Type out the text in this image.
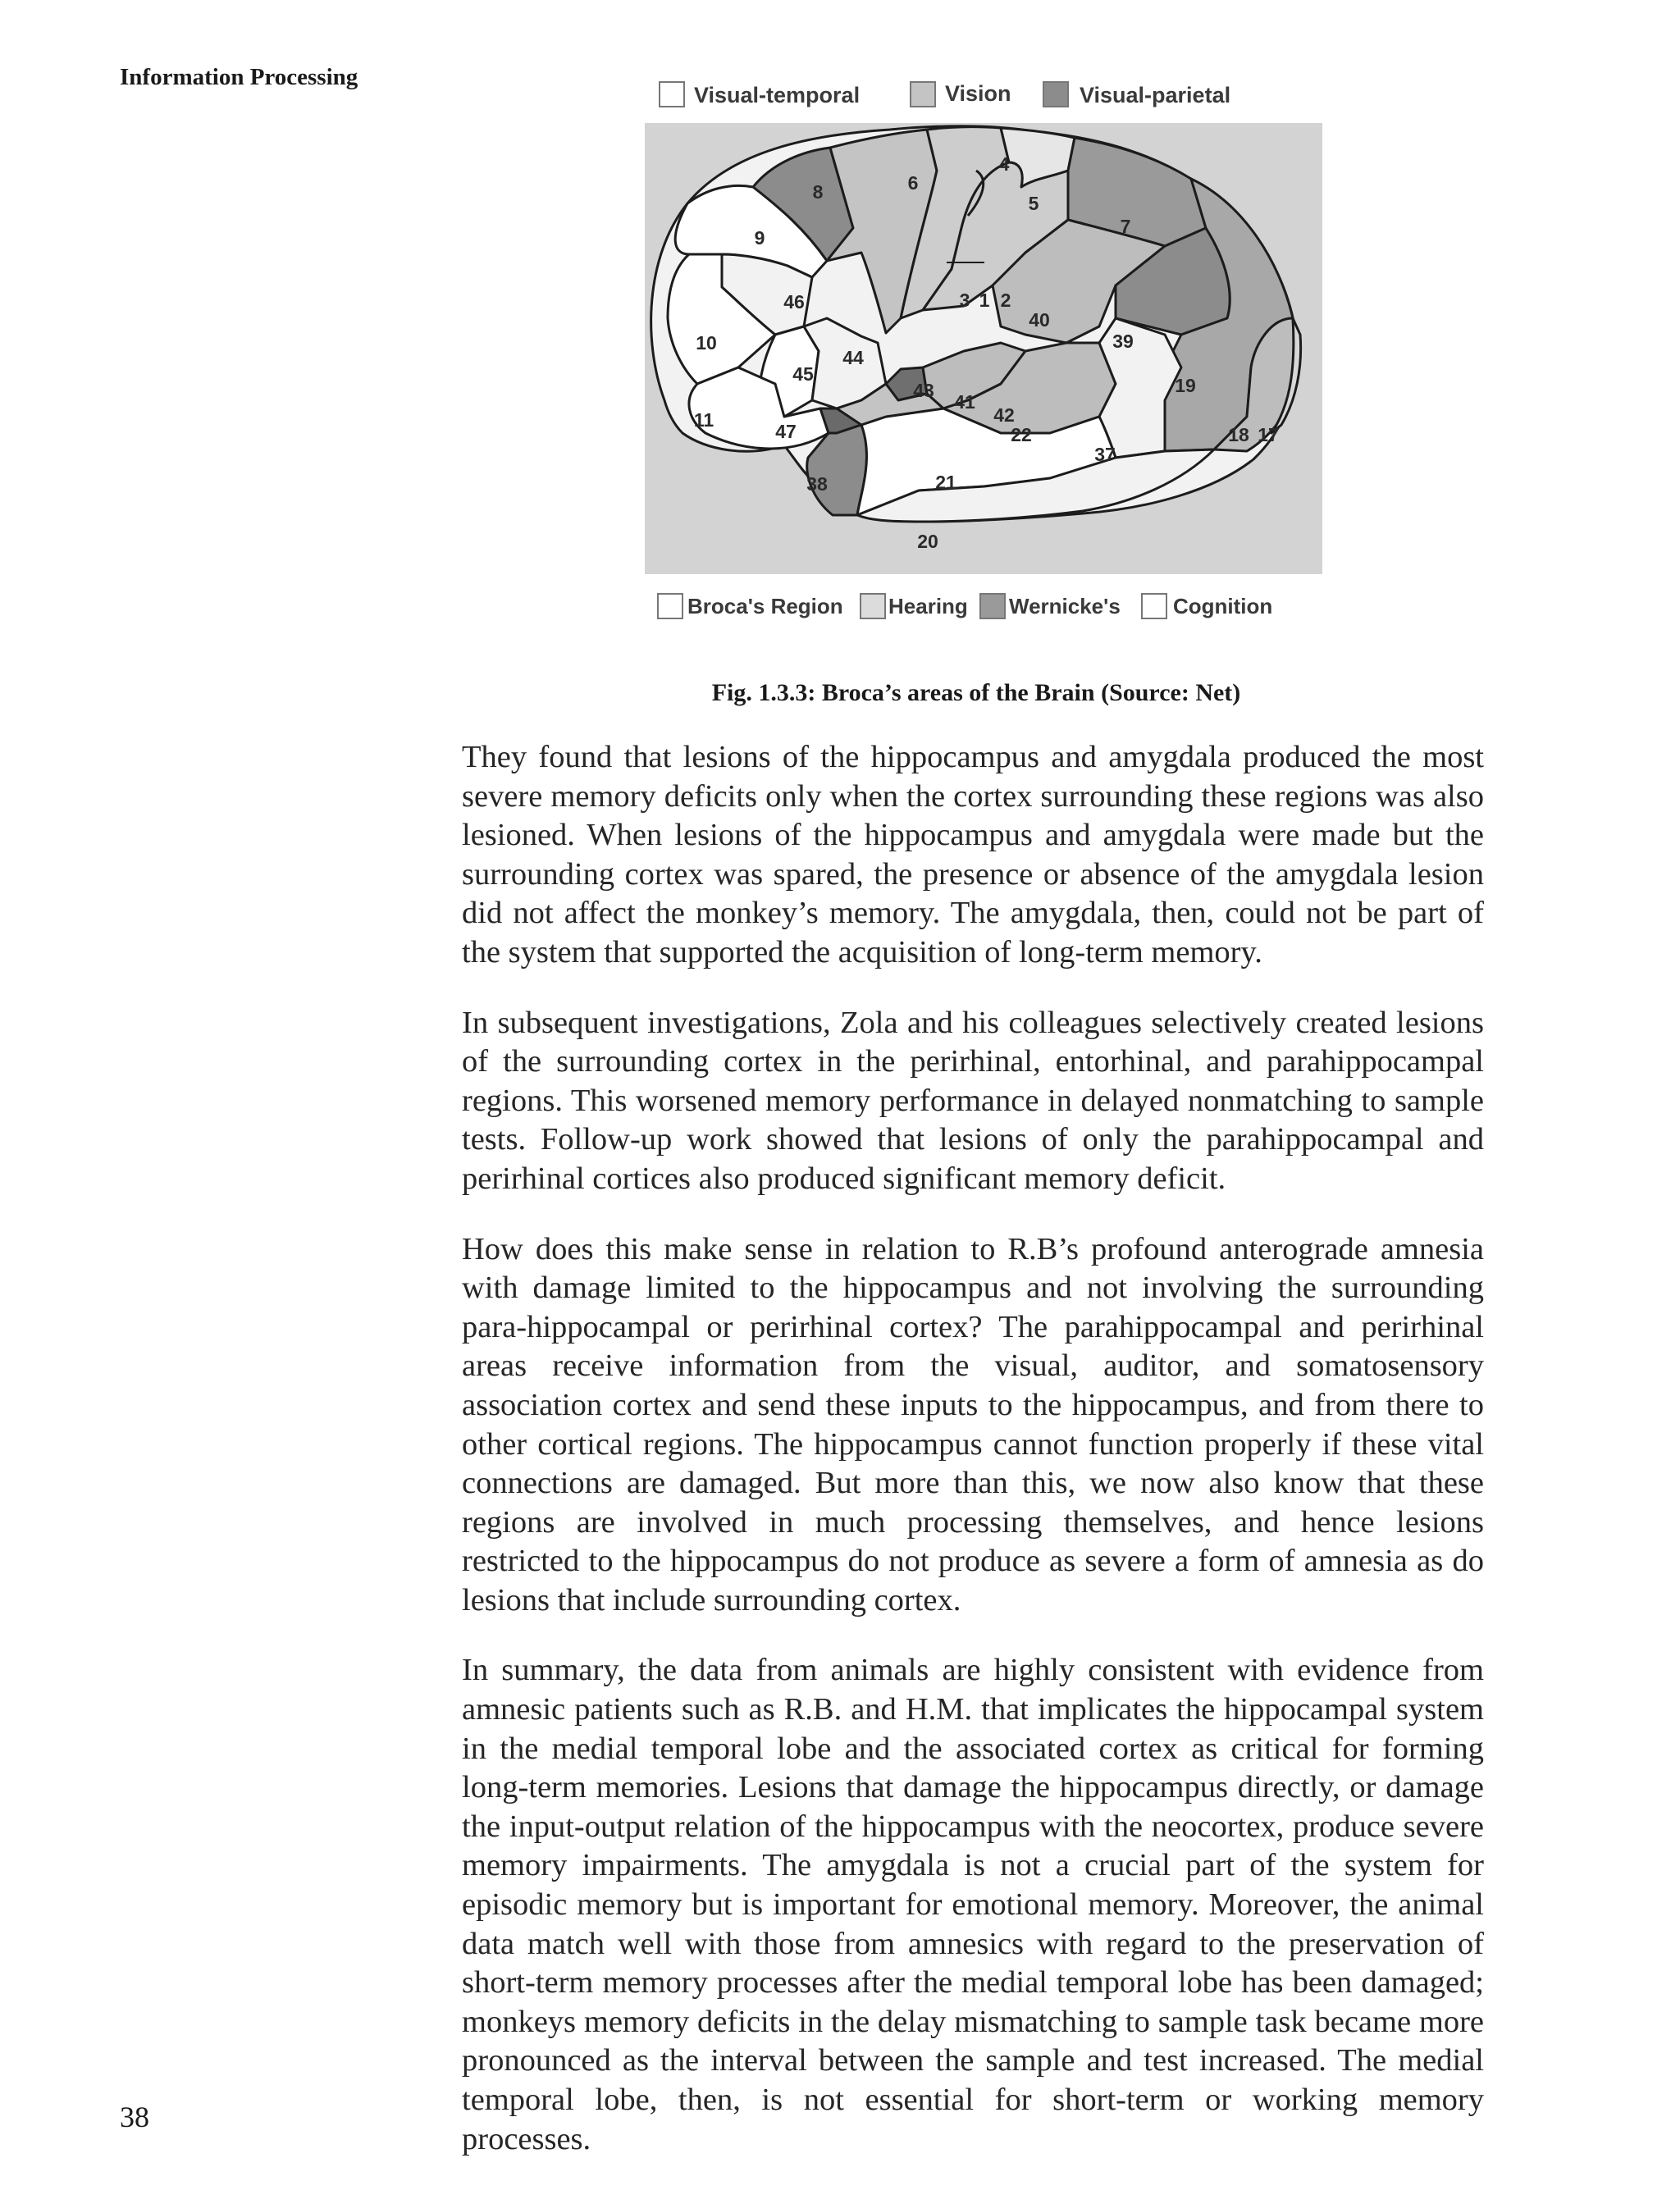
Information Processing
Visual-temporal	Vision	Visual-parietal
4
5
6
7
8
9
46	3 1 2
40
39
10
45
44
43
41
42
22
19
11
47
38	21
37
18 17
20
Broca's Region Hearing Wernicke's Cognition
Fig. 1.3.3: Broca’s areas of the Brain (Source: Net)

They found that lesions of the hippocampus and amygdala produced the most severe memory deficits only when the cortex surrounding these regions was also lesioned. When lesions of the hippocampus and amygdala were made but the surrounding cortex was spared, the presence or absence of the amygdala lesion did not affect the monkey’s memory. The amygdala, then, could not be part of the system that supported the acquisition of long-term memory.

In subsequent investigations, Zola and his colleagues selectively created lesions of the surrounding cortex in the perirhinal, entorhinal, and parahippocampal regions. This worsened memory performance in delayed nonmatching to sample tests. Follow-up work showed that lesions of only the parahippocampal and perirhinal cortices also produced significant memory deficit.

How does this make sense in relation to R.B’s profound anterograde amnesia with damage limited to the hippocampus and not involving the surrounding para-hippocampal or perirhinal cortex? The parahippocampal and perirhinal areas receive information from the visual, auditor, and somatosensory association cortex and send these inputs to the hippocampus, and from there to other cortical regions. The hippocampus cannot function properly if these vital connections are damaged. But more than this, we now also know that these regions are involved in much processing themselves, and hence lesions restricted to the hippocampus do not produce as severe a form of amnesia as do lesions that include surrounding cortex.

In summary, the data from animals are highly consistent with evidence from amnesic patients such as R.B. and H.M. that implicates the hippocampal system in the medial temporal lobe and the associated cortex as critical for forming long-term memories. Lesions that damage the hippocampus directly, or damage the input-output relation of the hippocampus with the neocortex, produce severe memory impairments. The amygdala is not a crucial part of the system for episodic memory but is important for emotional memory. Moreover, the animal data match well with those from amnesics with regard to the preservation of short-term memory processes after the medial temporal lobe has been damaged; monkeys memory deficits in the delay mismatching to sample task became more pronounced as the interval between the sample and test increased. The medial temporal lobe, then, is not essential for short-term or working memory processes.

38
